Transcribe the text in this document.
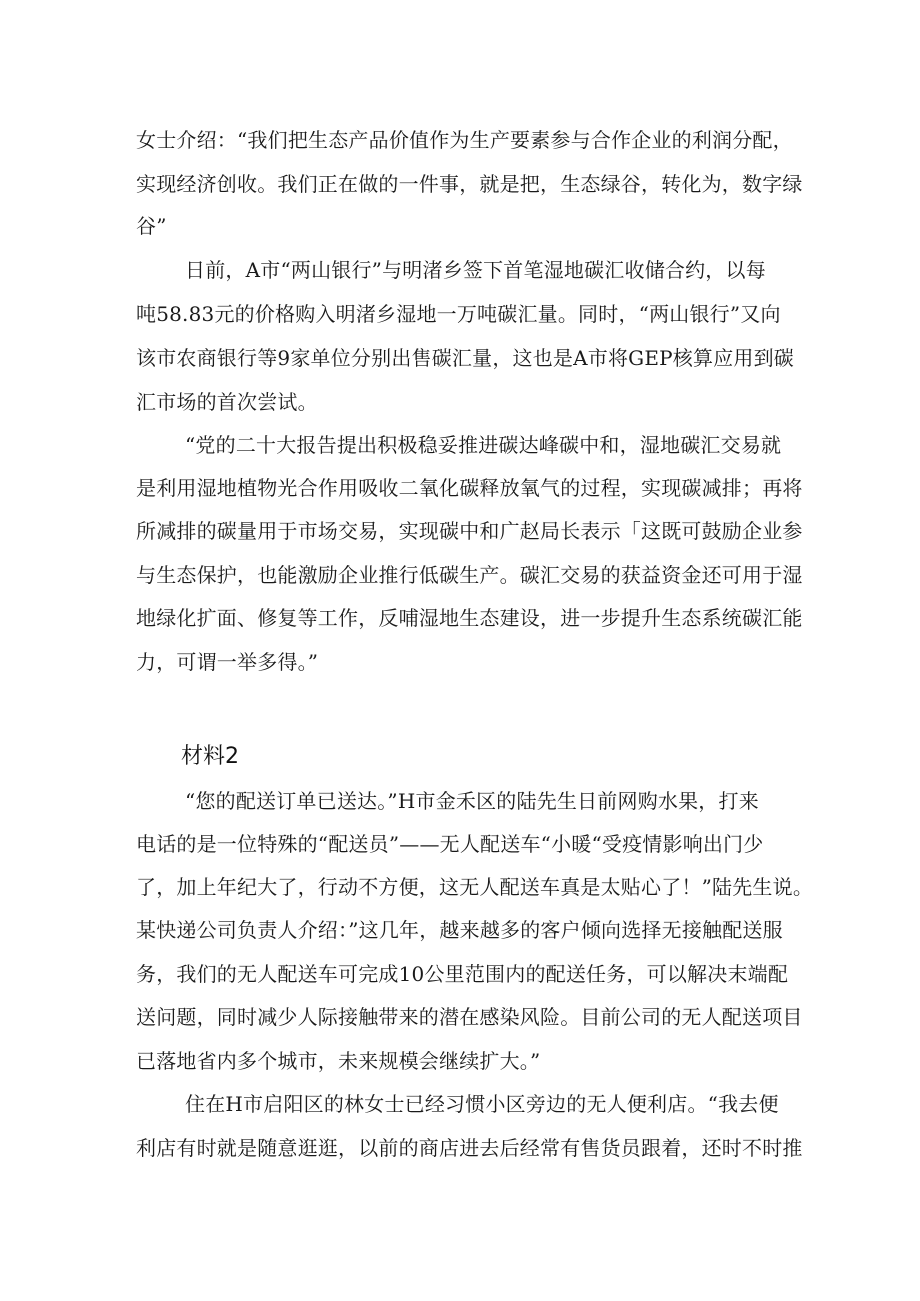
女士介绍：“我们把生态产品价值作为生产要素参与合作企业的利润分配，
实现经济创收。我们正在做的一件事，就是把，生态绿谷，转化为，数字绿
谷”
日前，A市“两山银行”与明渚乡签下首笔湿地碳汇收储合约，以每
吨58.83元的价格购入明渚乡湿地一万吨碳汇量。同时，“两山银行”又向
该市农商银行等9家单位分别出售碳汇量，这也是A市将GEP核算应用到碳
汇市场的首次尝试。
“党的二十大报告提出积极稳妥推进碳达峰碳中和，湿地碳汇交易就
是利用湿地植物光合作用吸收二氧化碳释放氧气的过程，实现碳减排；再将
所减排的碳量用于市场交易，实现碳中和广赵局长表示「这既可鼓励企业参
与生态保护，也能激励企业推行低碳生产。碳汇交易的获益资金还可用于湿
地绿化扩面、修复等工作，反哺湿地生态建设，进一步提升生态系统碳汇能
力，可谓一举多得。”
材料2
“您的配送订单已送达。”H市金禾区的陆先生日前网购水果，打来
电话的是一位特殊的“配送员”——无人配送车“小暖“受疫情影响出门少
了，加上年纪大了，行动不方便，这无人配送车真是太贴心了！”陆先生说。
某快递公司负责人介绍：”这几年，越来越多的客户倾向选择无接触配送服
务，我们的无人配送车可完成10公里范围内的配送任务，可以解决末端配
送问题，同时减少人际接触带来的潜在感染风险。目前公司的无人配送项目
已落地省内多个城市，未来规模会继续扩大。”
住在H市启阳区的林女士已经习惯小区旁边的无人便利店。“我去便
利店有时就是随意逛逛，以前的商店进去后经常有售货员跟着，还时不时推
